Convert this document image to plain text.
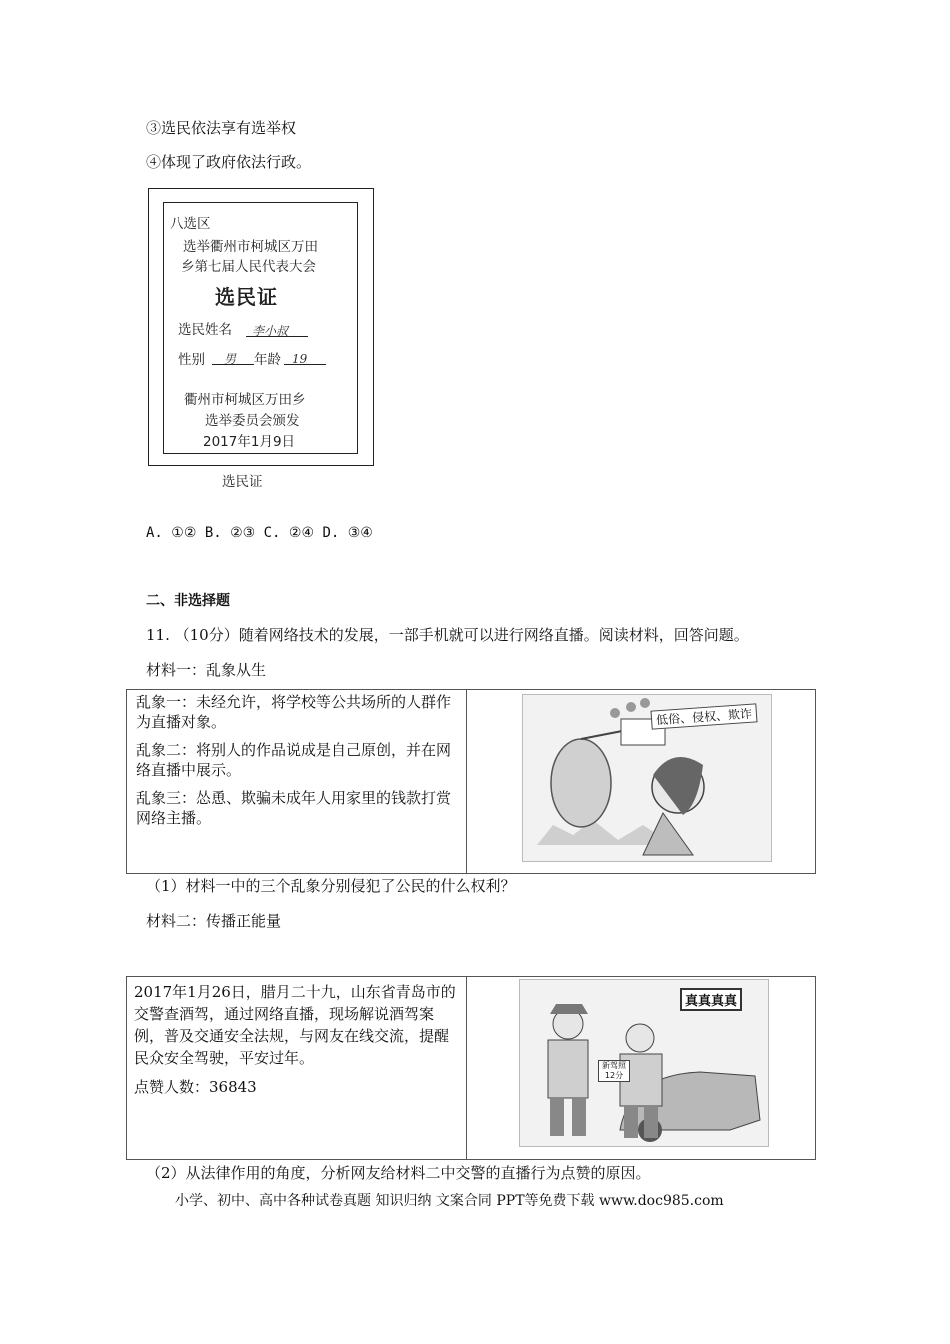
③选民依法享有选举权
④体现了政府依法行政。
八选区
选举衢州市柯城区万田
乡第七届人民代表大会
选民证
选民姓名	李小叔
性别	男	年龄 19
衢州市柯城区万田乡
选举委员会颁发
2017年1月9日
选民证
A. ①② B. ②③ C. ②④ D. ③④
二、非选择题
11. （10分）随着网络技术的发展，一部手机就可以进行网络直播。阅读材料，回答问题。
材料一：乱象从生

乱象一：未经允许，将学校等公共场所的人群作为直播对象。

乱象二：将别人的作品说成是自己原创，并在网络直播中展示。

乱象三：怂恿、欺骗未成年人用家里的钱款打赏网络主播。

低俗、侵权、欺诈
（1）材料一中的三个乱象分别侵犯了公民的什么权利？
材料二：传播正能量

2017年1月26日，腊月二十九，山东省青岛市的交警查酒驾，通过网络直播，现场解说酒驾案例，普及交通安全法规，与网友在线交流，提醒民众安全驾驶，平安过年。

点赞人数：36843

真真真真
新驾照 12分
（2）从法律作用的角度，分析网友给材料二中交警的直播行为点赞的原因。
小学、初中、高中各种试卷真题 知识归纳 文案合同 PPT等免费下载 www.doc985.com
